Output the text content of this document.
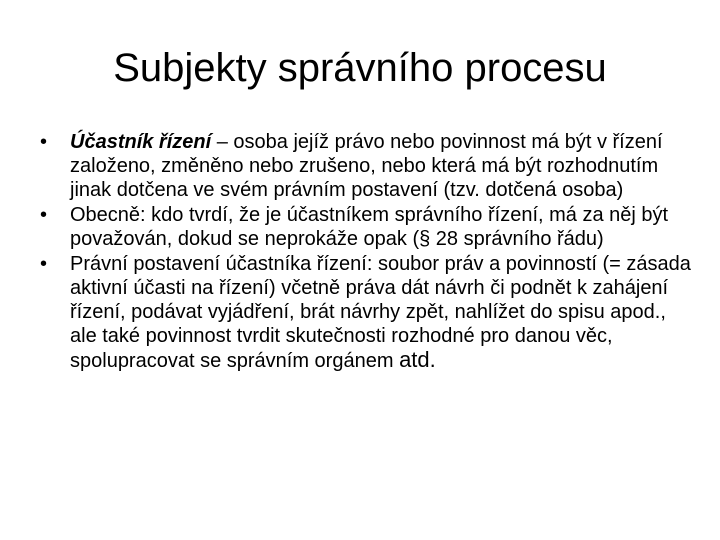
Subjekty správního procesu
• Účastník řízení – osoba jejíž právo nebo povinnost má být v řízení založeno, změněno nebo zrušeno, nebo která má být rozhodnutím jinak dotčena ve svém právním postavení (tzv. dotčená osoba)
• Obecně: kdo tvrdí, že je účastníkem správního řízení, má za něj být považován, dokud se neprokáže opak (§ 28 správního řádu)
• Právní postavení účastníka řízení: soubor práv a povinností (= zásada aktivní účasti na řízení) včetně práva dát návrh či podnět k zahájení řízení, podávat vyjádření, brát návrhy zpět, nahlížet do spisu apod., ale také povinnost tvrdit skutečnosti rozhodné pro danou věc, spolupracovat se správním orgánem atd.
